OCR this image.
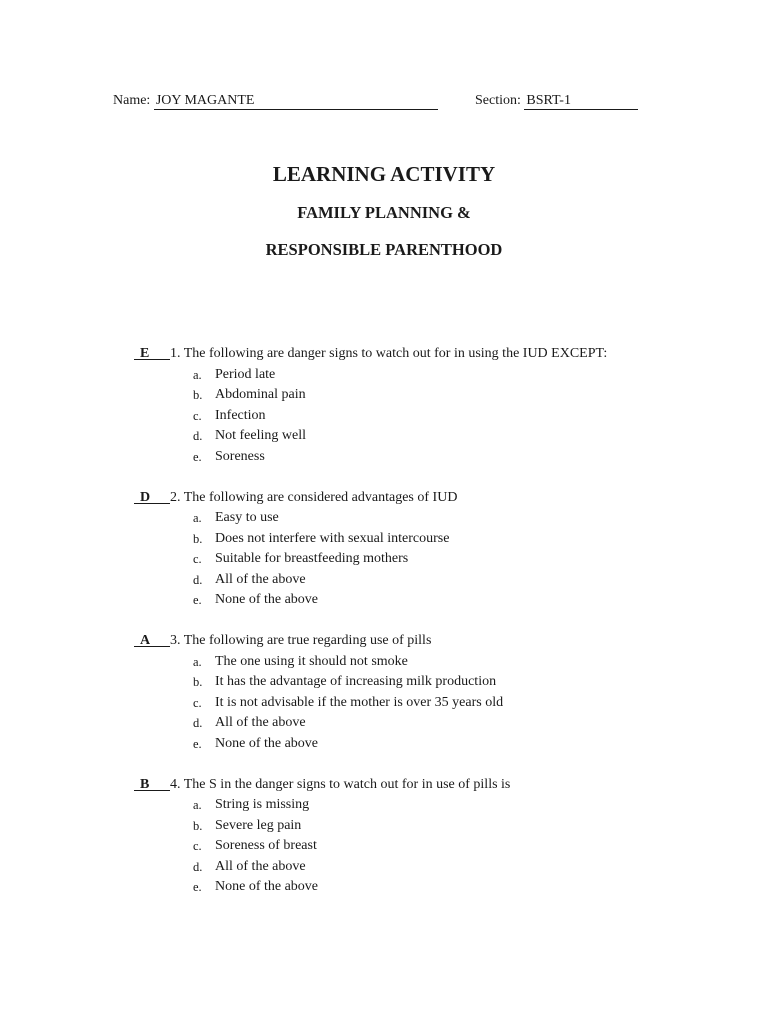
Name: JOY MAGANTE	Section: BSRT-1
LEARNING ACTIVITY
FAMILY PLANNING &
RESPONSIBLE PARENTHOOD
E	1. The following are danger signs to watch out for in using the IUD EXCEPT:
a. Period late
b. Abdominal pain
c. Infection
d. Not feeling well
e. Soreness
D	2. The following are considered advantages of IUD
a. Easy to use
b. Does not interfere with sexual intercourse
c. Suitable for breastfeeding mothers
d. All of the above
e. None of the above
A	3. The following are true regarding use of pills
a. The one using it should not smoke
b. It has the advantage of increasing milk production
c. It is not advisable if the mother is over 35 years old
d. All of the above
e. None of the above
B	4. The S in the danger signs to watch out for in use of pills is
a. String is missing
b. Severe leg pain
c. Soreness of breast
d. All of the above
e. None of the above
